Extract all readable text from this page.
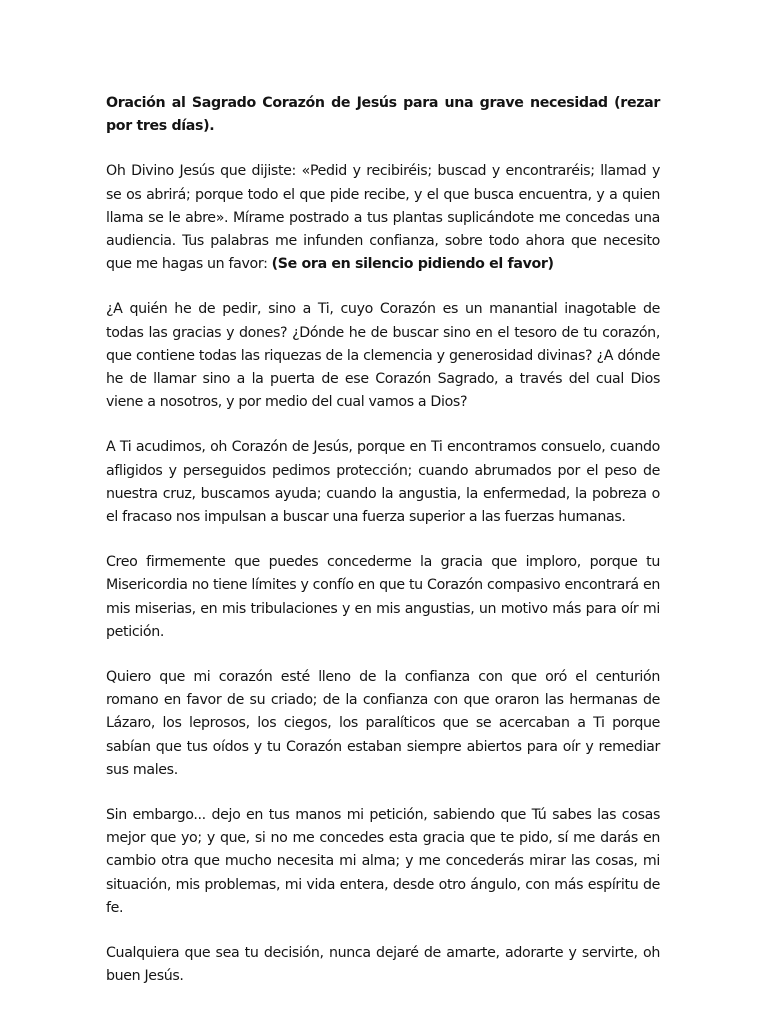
Oración al Sagrado Corazón de Jesús para una grave necesidad (rezar por tres días).

Oh Divino Jesús que dijiste: «Pedid y recibiréis; buscad y encontraréis; llamad y se os abrirá; porque todo el que pide recibe, y el que busca encuentra, y a quien llama se le abre». Mírame postrado a tus plantas suplicándote me concedas una audiencia. Tus palabras me infunden confianza, sobre todo ahora que necesito que me hagas un favor: (Se ora en silencio pidiendo el favor)

¿A quién he de pedir, sino a Ti, cuyo Corazón es un manantial inagotable de todas las gracias y dones? ¿Dónde he de buscar sino en el tesoro de tu corazón, que contiene todas las riquezas de la clemencia y generosidad divinas? ¿A dónde he de llamar sino a la puerta de ese Corazón Sagrado, a través del cual Dios viene a nosotros, y por medio del cual vamos a Dios?

A Ti acudimos, oh Corazón de Jesús, porque en Ti encontramos consuelo, cuando afligidos y perseguidos pedimos protección; cuando abrumados por el peso de nuestra cruz, buscamos ayuda; cuando la angustia, la enfermedad, la pobreza o el fracaso nos impulsan a buscar una fuerza superior a las fuerzas humanas.

Creo firmemente que puedes concederme la gracia que imploro, porque tu Misericordia no tiene límites y confío en que tu Corazón compasivo encontrará en mis miserias, en mis tribulaciones y en mis angustias, un motivo más para oír mi petición.

Quiero que mi corazón esté lleno de la confianza con que oró el centurión romano en favor de su criado; de la confianza con que oraron las hermanas de Lázaro, los leprosos, los ciegos, los paralíticos que se acercaban a Ti porque sabían que tus oídos y tu Corazón estaban siempre abiertos para oír y remediar sus males.

Sin embargo... dejo en tus manos mi petición, sabiendo que Tú sabes las cosas mejor que yo; y que, si no me concedes esta gracia que te pido, sí me darás en cambio otra que mucho necesita mi alma; y me concederás mirar las cosas, mi situación, mis problemas, mi vida entera, desde otro ángulo, con más espíritu de fe.

Cualquiera que sea tu decisión, nunca dejaré de amarte, adorarte y servirte, oh buen Jesús.
